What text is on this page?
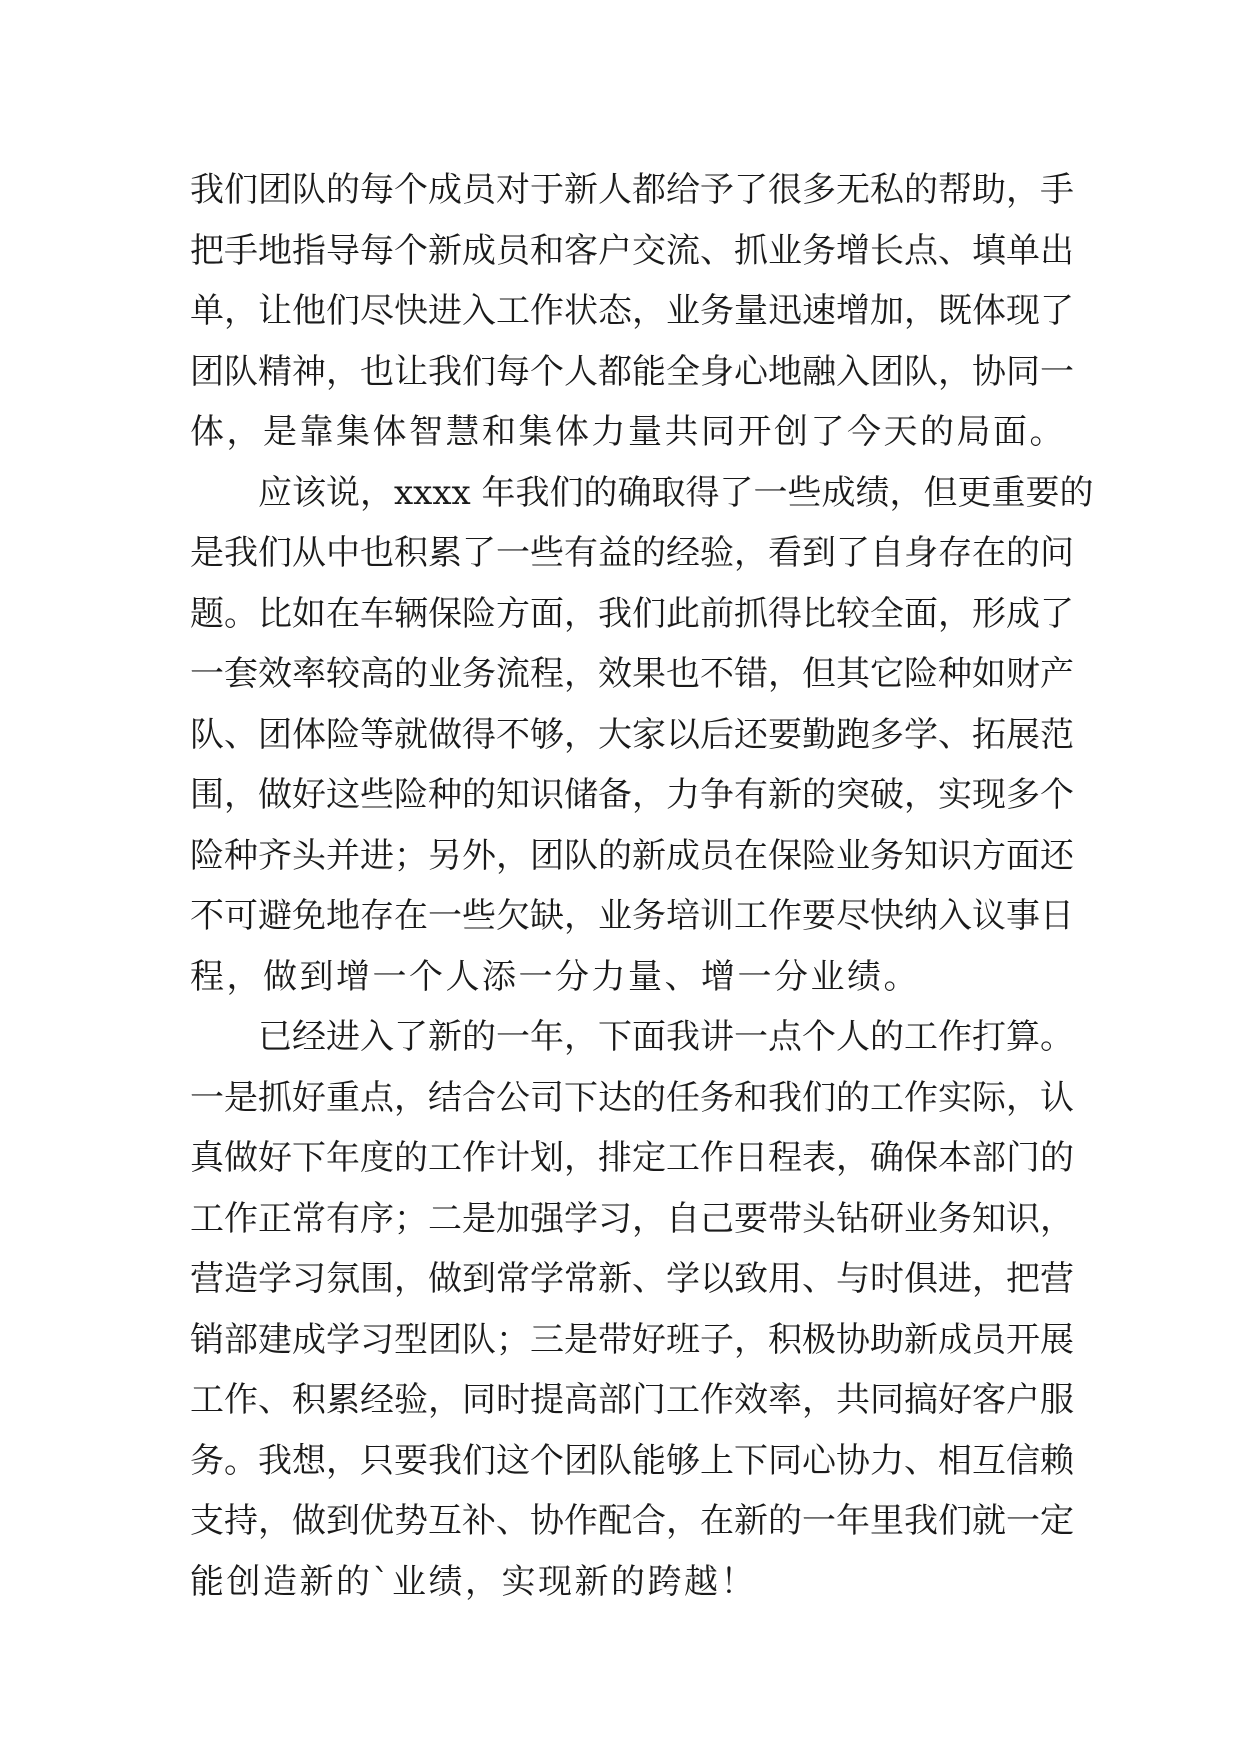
我们团队的每个成员对于新人都给予了很多无私的帮助，手
把手地指导每个新成员和客户交流、抓业务增长点、填单出
单，让他们尽快进入工作状态，业务量迅速增加，既体现了
团队精神，也让我们每个人都能全身心地融入团队，协同一
体，是靠集体智慧和集体力量共同开创了今天的局面。
应该说，xxxx 年我们的确取得了一些成绩，但更重要的
是我们从中也积累了一些有益的经验，看到了自身存在的问
题。比如在车辆保险方面，我们此前抓得比较全面，形成了
一套效率较高的业务流程，效果也不错，但其它险种如财产
队、团体险等就做得不够，大家以后还要勤跑多学、拓展范
围，做好这些险种的知识储备，力争有新的突破，实现多个
险种齐头并进；另外，团队的新成员在保险业务知识方面还
不可避免地存在一些欠缺，业务培训工作要尽快纳入议事日
程，做到增一个人添一分力量、增一分业绩。
已经进入了新的一年，下面我讲一点个人的工作打算。
一是抓好重点，结合公司下达的任务和我们的工作实际，认
真做好下年度的工作计划，排定工作日程表，确保本部门的
工作正常有序；二是加强学习，自己要带头钻研业务知识，
营造学习氛围，做到常学常新、学以致用、与时俱进，把营
销部建成学习型团队；三是带好班子，积极协助新成员开展
工作、积累经验，同时提高部门工作效率，共同搞好客户服
务。我想，只要我们这个团队能够上下同心协力、相互信赖
支持，做到优势互补、协作配合，在新的一年里我们就一定
能创造新的`业绩，实现新的跨越！
